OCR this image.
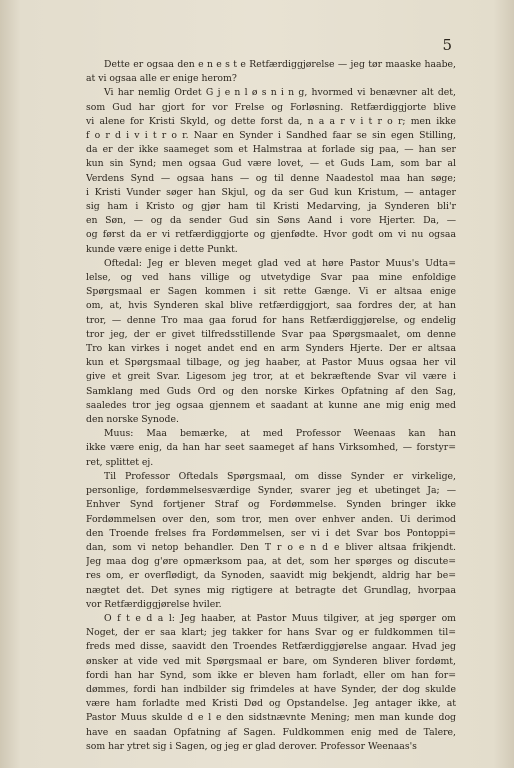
5
Dette er ogsaa den e n e s t e Retfærdiggjørelse — jeg tør maaske haabe,
at vi ogsaa alle er enige herom?
Vi har nemlig Ordet G j e n l ø s n i n g, hvormed vi benævner alt det,
som Gud har gjort for vor Frelse og Forløsning. Retfærdiggjorte blive
vi alene for Kristi Skyld, og dette forst da, n a a r v i t r o r; men ikke
f o r d i v i t r o r. Naar en Synder i Sandhed faar se sin egen Stilling,
da er der ikke saameget som et Halmstraa at forlade sig paa, — han ser
kun sin Synd; men ogsaa Gud være lovet, — et Guds Lam, som bar al
Verdens Synd — ogsaa hans — og til denne Naadestol maa han søge;
i Kristi Vunder søger han Skjul, og da ser Gud kun Kristum, — antager
sig ham i Kristo og gjør ham til Kristi Medarving, ja Synderen bli'r
en Søn, — og da sender Gud sin Søns Aand i vore Hjerter. Da, —
og først da er vi retfærdiggjorte og gjenfødte. Hvor godt om vi nu ogsaa
kunde være enige i dette Punkt.
Oftedal: Jeg er bleven meget glad ved at høre Pastor Muus's Udta=
lelse, og ved hans villige og utvetydige Svar paa mine enfoldige
Spørgsmaal er Sagen kommen i sit rette Gænge. Vi er altsaa enige
om, at, hvis Synderen skal blive retfærdiggjort, saa fordres der, at han
tror, — denne Tro maa gaa forud for hans Retfærdiggjørelse, og endelig
tror jeg, der er givet tilfredsstillende Svar paa Spørgsmaalet, om denne
Tro kan virkes i noget andet end en arm Synders Hjerte. Der er altsaa
kun et Spørgsmaal tilbage, og jeg haaber, at Pastor Muus ogsaa her vil
give et greit Svar. Ligesom jeg tror, at et bekræftende Svar vil være i
Samklang med Guds Ord og den norske Kirkes Opfatning af den Sag,
saaledes tror jeg ogsaa gjennem et saadant at kunne ane mig enig med
den norske Synode.
Muus: Maa bemærke, at med Professor Weenaas kan han
ikke være enig, da han har seet saameget af hans Virksomhed, — forstyr=
ret, splittet ej.
Til Professor Oftedals Spørgsmaal, om disse Synder er virkelige,
personlige, fordømmelsesværdige Synder, svarer jeg et ubetinget Ja; —
Enhver Synd fortjener Straf og Fordømmelse. Synden bringer ikke
Fordømmelsen over den, som tror, men over enhver anden. Ui derimod
den Troende frelses fra Fordømmelsen, ser vi i det Svar bos Pontoppi=
dan, som vi netop behandler. Den T r o e n d e bliver altsaa frikjendt.
Jeg maa dog g'øre opmærksom paa, at det, som her spørges og discute=
res om, er overflødigt, da Synoden, saavidt mig bekjendt, aldrig har be=
nægtet det. Det synes mig rigtigere at betragte det Grundlag, hvorpaa
vor Retfærdiggjørelse hviler.
O f t e d a l: Jeg haaber, at Pastor Muus tilgiver, at jeg spørger om
Noget, der er saa klart; jeg takker for hans Svar og er fuldkommen til=
freds med disse, saavidt den Troendes Retfærdiggjørelse angaar. Hvad jeg
ønsker at vide ved mit Spørgsmaal er bare, om Synderen bliver fordømt,
fordi han har Synd, som ikke er bleven ham forladt, eller om han for=
dømmes, fordi han indbilder sig frimdeles at have Synder, der dog skulde
være ham forladte med Kristi Død og Opstandelse. Jeg antager ikke, at
Pastor Muus skulde d e l e den sidstnævnte Mening; men man kunde dog
have en saadan Opfatning af Sagen. Fuldkommen enig med de Talere,
som har ytret sig i Sagen, og jeg er glad derover. Professor Weenaas's
